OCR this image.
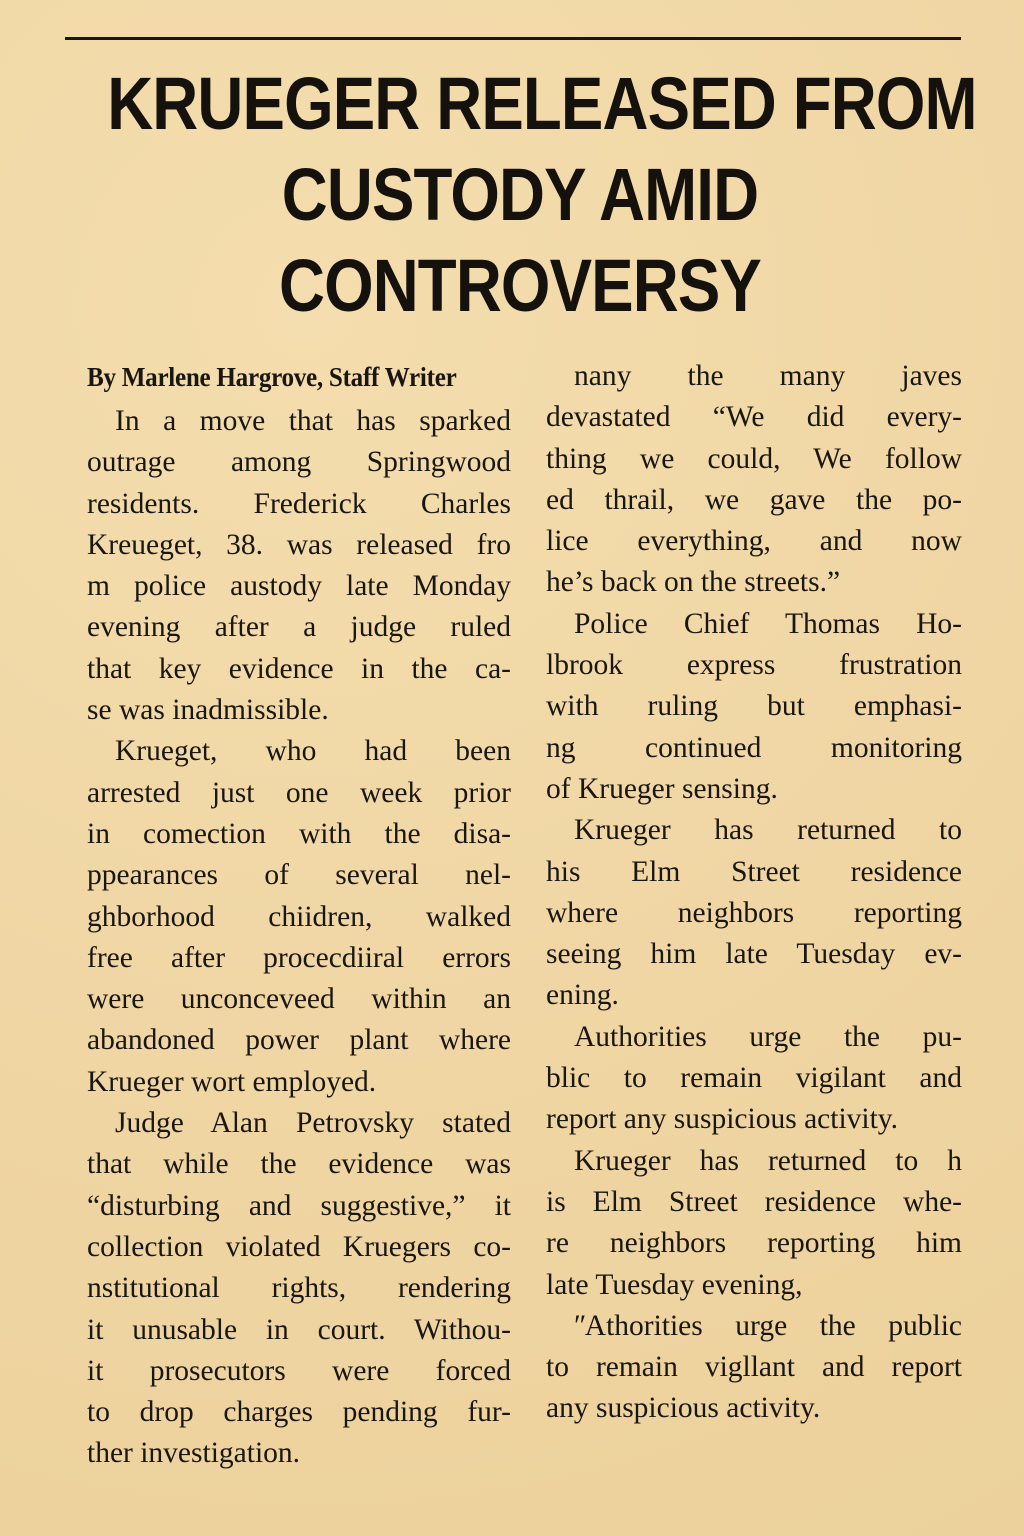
KRUEGER RELEASED FROM
CUSTODY AMID
CONTROVERSY
By Marlene Hargrove, Staff Writer
In a move that has sparked
outrage among Springwood
residents. Frederick Charles
Kreueget, 38. was released fro
m police austody late Monday
evening after a judge ruled
that key evidence in the ca-
se was inadmissible.
Krueget, who had been
arrested just one week prior
in comection with the disa-
ppearances of several nel-
ghborhood chiidren, walked
free after procecdiiral errors
were unconceveed within an
abandoned power plant where
Krueger wort employed.
Judge Alan Petrovsky stated
that while the evidence was
“disturbing and suggestive,” it
collection violated Kruegers co-
nstitutional rights, rendering
it unusable in court. Withou-
it prosecutors were forced
to drop charges pending fur-
ther investigation.
nany the many javes
devastated “We did every-
thing we could, We follow
ed thrail, we gave the po-
lice everything, and now
he’s back on the streets.”
Police Chief Thomas Ho-
lbrook express frustration
with ruling but emphasi-
ng continued monitoring
of Krueger sensing.
Krueger has returned to
his Elm Street residence
where neighbors reporting
seeing him late Tuesday ev-
ening.
Authorities urge the pu-
blic to remain vigilant and
report any suspicious activity.
Krueger has returned to h
is Elm Street residence whe-
re neighbors reporting him
late Tuesday evening,
ʺAthorities urge the public
to remain vigllant and report
any suspicious activity.
